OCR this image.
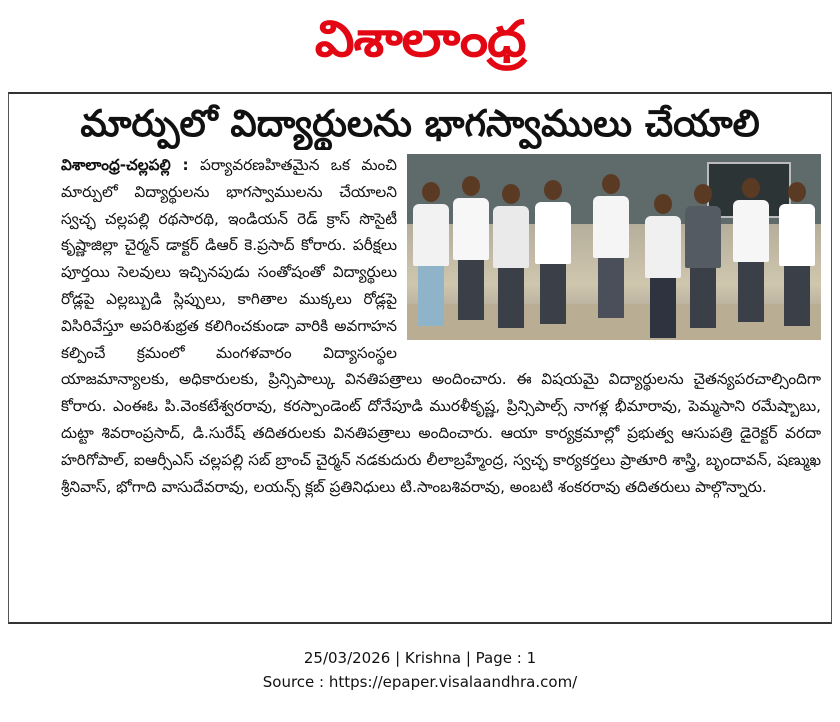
విశాలాంధ్ర
మార్పులో విద్యార్థులను భాగస్వాములు చేయాలి

విశాలాంధ్ర-చల్లపల్లి : పర్యావరణహితమైన ఒక మంచి మార్పులో విద్యార్థులను భాగస్వాములను చేయాలని స్వచ్ఛ చల్లపల్లి రథసారథి, ఇండియన్ రెడ్ క్రాస్ సొసైటీ కృష్ణాజిల్లా చైర్మన్ డాక్టర్ డిఆర్ కె.ప్రసాద్ కోరారు. పరీక్షలు పూర్తయి సెలవులు ఇచ్చినపుడు సంతోషంతో విద్యార్థులు రోడ్లపై ఎల్లబ్బుడి స్లిప్పులు, కాగితాల ముక్కలు రోడ్లపై విసిరివేస్తూ అపరిశుభ్రత కలిగించకుండా వారికి అవగాహన కల్పించే క్రమంలో మంగళవారం విద్యాసంస్థల యాజమాన్యాలకు, అధికారులకు, ప్రిన్సిపాల్కు వినతిపత్రాలు అందించారు. ఈ విషయమై విద్యార్థులను చైతన్యపరచాల్సిందిగా కోరారు. ఎంఈఓ పి.వెంకటేశ్వరరావు, కరస్పాండెంట్ దోనేపూడి మురళీకృష్ణ, ప్రిన్సిపాల్స్ నాగళ్ల భీమారావు, పెమ్మసాని రమేష్బాబు, దుట్టా శివరాంప్రసాద్, డి.సురేష్ తదితరులకు వినతిపత్రాలు అందించారు. ఆయా కార్యక్రమాల్లో ప్రభుత్వ ఆసుపత్రి డైరెక్టర్ వరదా హరిగోపాల్, ఐఆర్సీఎస్ చల్లపల్లి సబ్ బ్రాంచ్ చైర్మన్ నడకుదురు లీలాబ్రహ్మేంద్ర, స్వచ్ఛ కార్యకర్తలు ప్రాతూరి శాస్త్రి, బృందావన్, షణ్ముఖ శ్రీనివాస్, భోగాది వాసుదేవరావు, లయన్స్ క్లబ్ ప్రతినిధులు టి.సాంబశివరావు, అంబటి శంకరరావు తదితరులు పాల్గొన్నారు.

25/03/2026 | Krishna | Page : 1
Source : https://epaper.visalaandhra.com/
